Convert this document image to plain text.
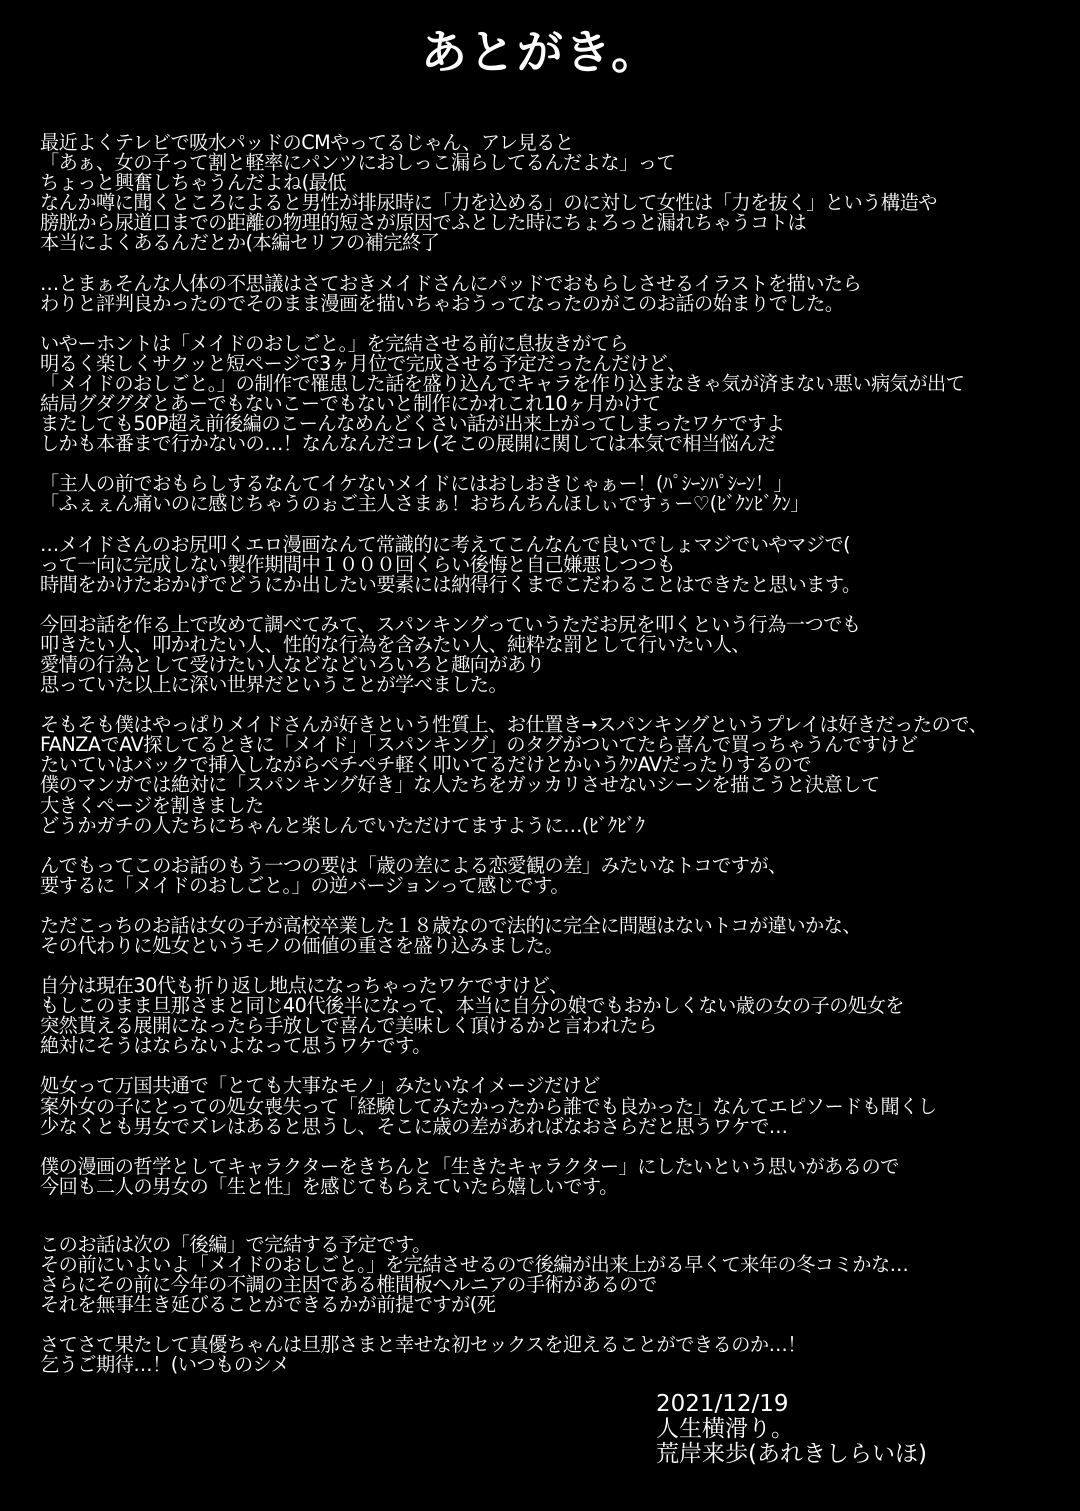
あとがき。
最近よくテレビで吸水パッドのCMやってるじゃん、アレ見ると
「あぁ、女の子って割と軽率にパンツにおしっこ漏らしてるんだよな」って
ちょっと興奮しちゃうんだよね(最低
なんか噂に聞くところによると男性が排尿時に「力を込める」のに対して女性は「力を抜く」という構造や
膀胱から尿道口までの距離の物理的短さが原因でふとした時にちょろっと漏れちゃうコトは
本当によくあるんだとか(本編セリフの補完終了
…とまぁそんな人体の不思議はさておきメイドさんにパッドでおもらしさせるイラストを描いたら
わりと評判良かったのでそのまま漫画を描いちゃおうってなったのがこのお話の始まりでした。
いやーホントは「メイドのおしごと。」を完結させる前に息抜きがてら
明るく楽しくサクッと短ページで3ヶ月位で完成させる予定だったんだけど、
「メイドのおしごと。」の制作で罹患した話を盛り込んでキャラを作り込まなきゃ気が済まない悪い病気が出て
結局グダグダとあーでもないこーでもないと制作にかれこれ10ヶ月かけて
またしても50P超え前後編のこーんなめんどくさい話が出来上がってしまったワケですよ
しかも本番まで行かないの…！なんなんだコレ(そこの展開に関しては本気で相当悩んだ
「主人の前でおもらしするなんてイケないメイドにはおしおきじゃぁー！(ﾊﾟｼｰﾝﾊﾟｼｰﾝ！」
「ふぇぇん痛いのに感じちゃうのぉご主人さまぁ！おちんちんほしぃですぅー♡(ﾋﾞｸﾝﾋﾞｸﾝ」
…メイドさんのお尻叩くエロ漫画なんて常識的に考えてこんなんで良いでしょマジでいやマジで(
って一向に完成しない製作期間中１０００回くらい後悔と自己嫌悪しつつも
時間をかけたおかげでどうにか出したい要素には納得行くまでこだわることはできたと思います。
今回お話を作る上で改めて調べてみて、スパンキングっていうただお尻を叩くという行為一つでも
叩きたい人、叩かれたい人、性的な行為を含みたい人、純粋な罰として行いたい人、
愛情の行為として受けたい人などなどいろいろと趣向があり
思っていた以上に深い世界だということが学べました。
そもそも僕はやっぱりメイドさんが好きという性質上、お仕置き→スパンキングというプレイは好きだったので、
FANZAでAV探してるときに「メイド」「スパンキング」のタグがついてたら喜んで買っちゃうんですけど
たいていはバックで挿入しながらペチペチ軽く叩いてるだけとかいうｸｿAVだったりするので
僕のマンガでは絶対に「スパンキング好き」な人たちをガッカリさせないシーンを描こうと決意して
大きくページを割きました
どうかガチの人たちにちゃんと楽しんでいただけてますように…(ﾋﾞｸﾋﾞｸ
んでもってこのお話のもう一つの要は「歳の差による恋愛観の差」みたいなトコですが、
要するに「メイドのおしごと。」の逆バージョンって感じです。
ただこっちのお話は女の子が高校卒業した１８歳なので法的に完全に問題はないトコが違いかな、
その代わりに処女というモノの価値の重さを盛り込みました。
自分は現在30代も折り返し地点になっちゃったワケですけど、
もしこのまま旦那さまと同じ40代後半になって、本当に自分の娘でもおかしくない歳の女の子の処女を
突然貰える展開になったら手放しで喜んで美味しく頂けるかと言われたら
絶対にそうはならないよなって思うワケです。
処女って万国共通で「とても大事なモノ」みたいなイメージだけど
案外女の子にとっての処女喪失って「経験してみたかったから誰でも良かった」なんてエピソードも聞くし
少なくとも男女でズレはあると思うし、そこに歳の差があればなおさらだと思うワケで…
僕の漫画の哲学としてキャラクターをきちんと「生きたキャラクター」にしたいという思いがあるので
今回も二人の男女の「生と性」を感じてもらえていたら嬉しいです。
このお話は次の「後編」で完結する予定です。
その前にいよいよ「メイドのおしごと。」を完結させるので後編が出来上がる早くて来年の冬コミかな…
さらにその前に今年の不調の主因である椎間板ヘルニアの手術があるので
それを無事生き延びることができるかが前提ですが(死
さてさて果たして真優ちゃんは旦那さまと幸せな初セックスを迎えることができるのか…！
乞うご期待…！(いつものシメ
2021/12/19
人生横滑り。
荒岸来歩(あれきしらいほ)
